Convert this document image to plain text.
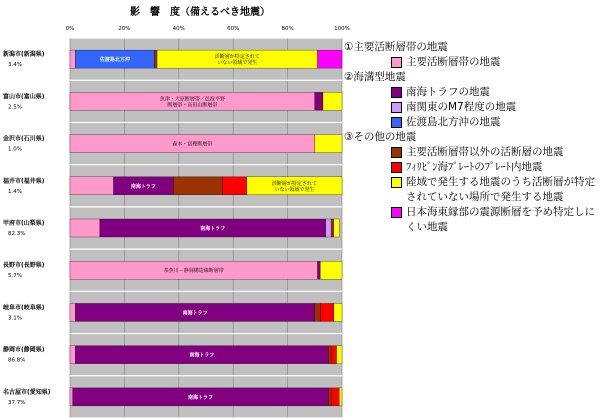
影　響　度（備えるべき地震）
0%	20%	40%	60%	80%	100%
新潟市(新潟県)
3.4%
佐渡島北方沖	活断層が特定されて
いない領域で発生
富山市(富山県)
2.5%
魚津・大原断層帯／邑波平野
断層帯・高田山断層帯
金沢市(石川県)
1.0%
森本・富樫断層帯
福井市(福井県)
1.4%
南海トラフ	活断層が特定されて
いない領域で発生
甲府市(山梨県)
82.3%
南海トラフ
長野市(長野県)
5.7%
糸魚川－静岡構造線断層帯
岐阜市(岐阜県)
3.1%
南海トラフ
静岡市(静岡県)
86.8%
南海トラフ
名古屋市(愛知県)
37.7%
南海トラフ
①主要活断層帯の地震
主要活断層帯の地震
②海溝型地震
南海トラフの地震
南関東のM7程度の地震
佐渡島北方沖の地震
③その他の地震
主要活断層帯以外の活断層の地震
ﾌｨﾘﾋﾟﾝ海ﾌﾟﾚｰﾄのﾌﾟﾚｰﾄ内地震
陸域で発生する地震のうち活断層が特定されていない場所で発生する地震
日本海東縁部の震源断層を予め特定しにくい地震
